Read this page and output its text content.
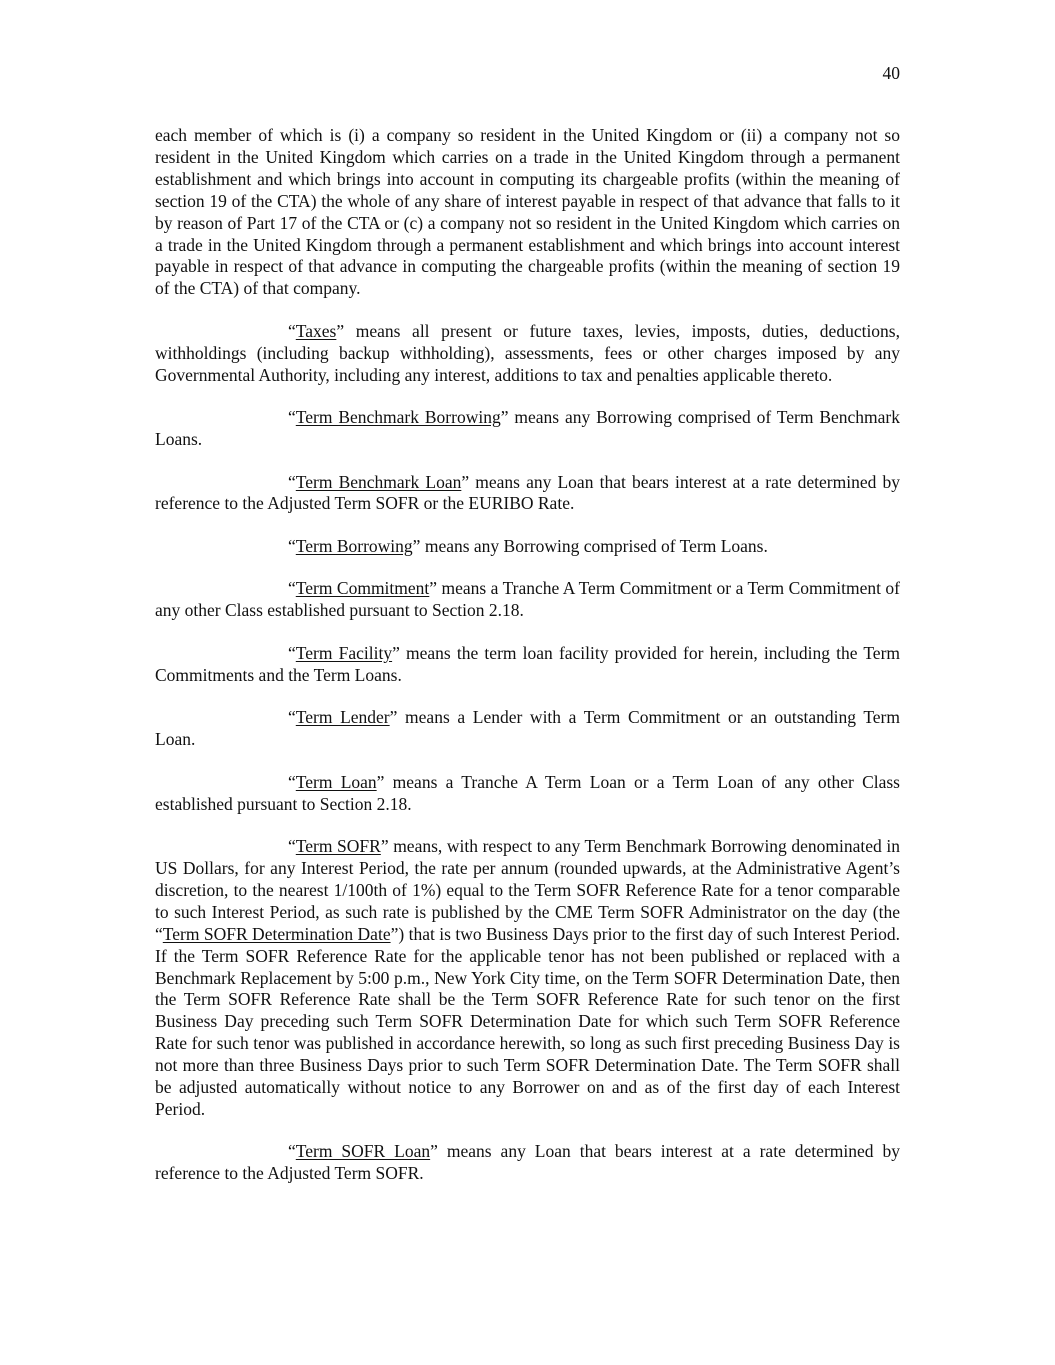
40

each member of which is (i) a company so resident in the United Kingdom or (ii) a company not so resident in the United Kingdom which carries on a trade in the United Kingdom through a permanent establishment and which brings into account in computing its chargeable profits (within the meaning of section 19 of the CTA) the whole of any share of interest payable in respect of that advance that falls to it by reason of Part 17 of the CTA or (c) a company not so resident in the United Kingdom which carries on a trade in the United Kingdom through a permanent establishment and which brings into account interest payable in respect of that advance in computing the chargeable profits (within the meaning of section 19 of the CTA) of that company.

“Taxes” means all present or future taxes, levies, imposts, duties, deductions, withholdings (including backup withholding), assessments, fees or other charges imposed by any Governmental Authority, including any interest, additions to tax and penalties applicable thereto.

“Term Benchmark Borrowing” means any Borrowing comprised of Term Benchmark Loans.

“Term Benchmark Loan” means any Loan that bears interest at a rate determined by reference to the Adjusted Term SOFR or the EURIBO Rate.

“Term Borrowing” means any Borrowing comprised of Term Loans.

“Term Commitment” means a Tranche A Term Commitment or a Term Commitment of any other Class established pursuant to Section 2.18.

“Term Facility” means the term loan facility provided for herein, including the Term Commitments and the Term Loans.

“Term Lender” means a Lender with a Term Commitment or an outstanding Term Loan.

“Term Loan” means a Tranche A Term Loan or a Term Loan of any other Class established pursuant to Section 2.18.

“Term SOFR” means, with respect to any Term Benchmark Borrowing denominated in US Dollars, for any Interest Period, the rate per annum (rounded upwards, at the Administrative Agent’s discretion, to the nearest 1/100th of 1%) equal to the Term SOFR Reference Rate for a tenor comparable to such Interest Period, as such rate is published by the CME Term SOFR Administrator on the day (the “Term SOFR Determination Date”) that is two Business Days prior to the first day of such Interest Period. If the Term SOFR Reference Rate for the applicable tenor has not been published or replaced with a Benchmark Replacement by 5:00 p.m., New York City time, on the Term SOFR Determination Date, then the Term SOFR Reference Rate shall be the Term SOFR Reference Rate for such tenor on the first Business Day preceding such Term SOFR Determination Date for which such Term SOFR Reference Rate for such tenor was published in accordance herewith, so long as such first preceding Business Day is not more than three Business Days prior to such Term SOFR Determination Date. The Term SOFR shall be adjusted automatically without notice to any Borrower on and as of the first day of each Interest Period.

“Term SOFR Loan” means any Loan that bears interest at a rate determined by reference to the Adjusted Term SOFR.
